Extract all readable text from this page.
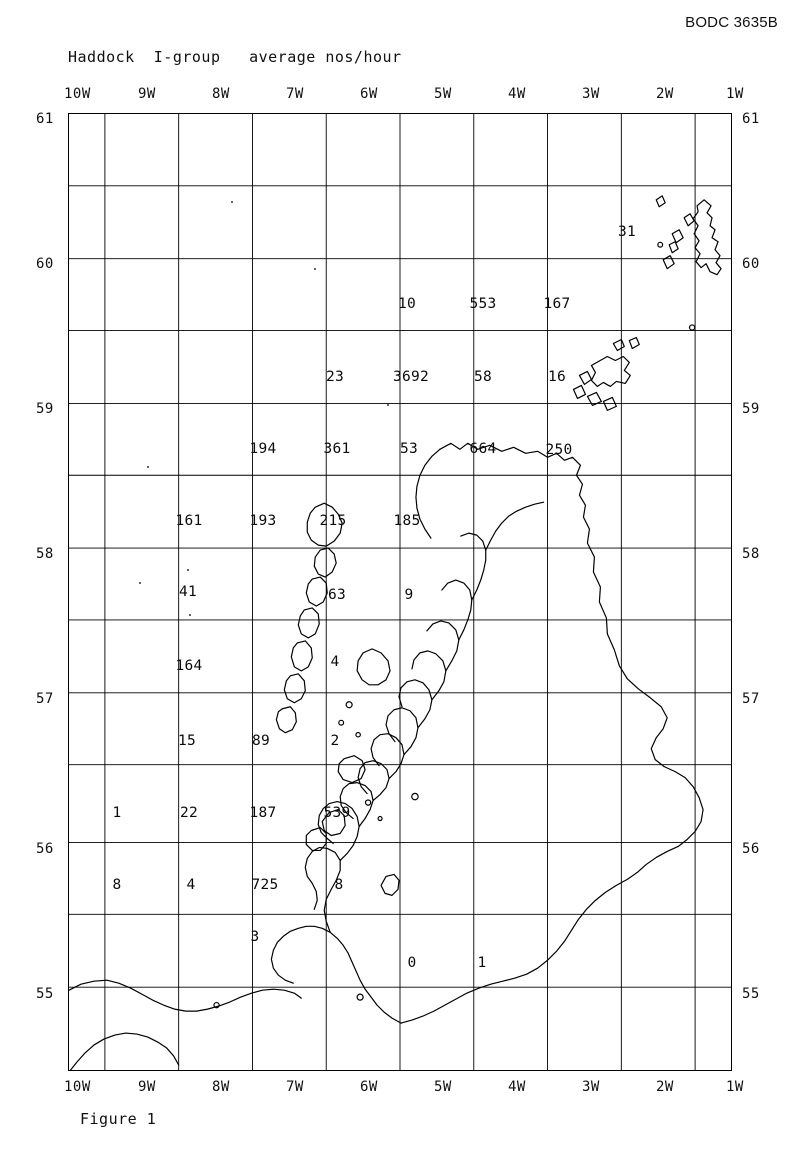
BODC 3635B
Haddock  I-group   average nos/hour
10W	9W	8W	7W	6W	5W	4W	3W	2W	1W
10W	9W	8W	7W	6W	5W	4W	3W	2W	1W
61
60
59
58
57
56
55
61
60
59
58
57
56
55
31
10	553	167
23	3692	58	16
194	361	53	664	250
161	193	215	185
41	63	9
164	4
15	89	2
1	22	187	539
8	4	725	8
3
0	1
Figure 1
